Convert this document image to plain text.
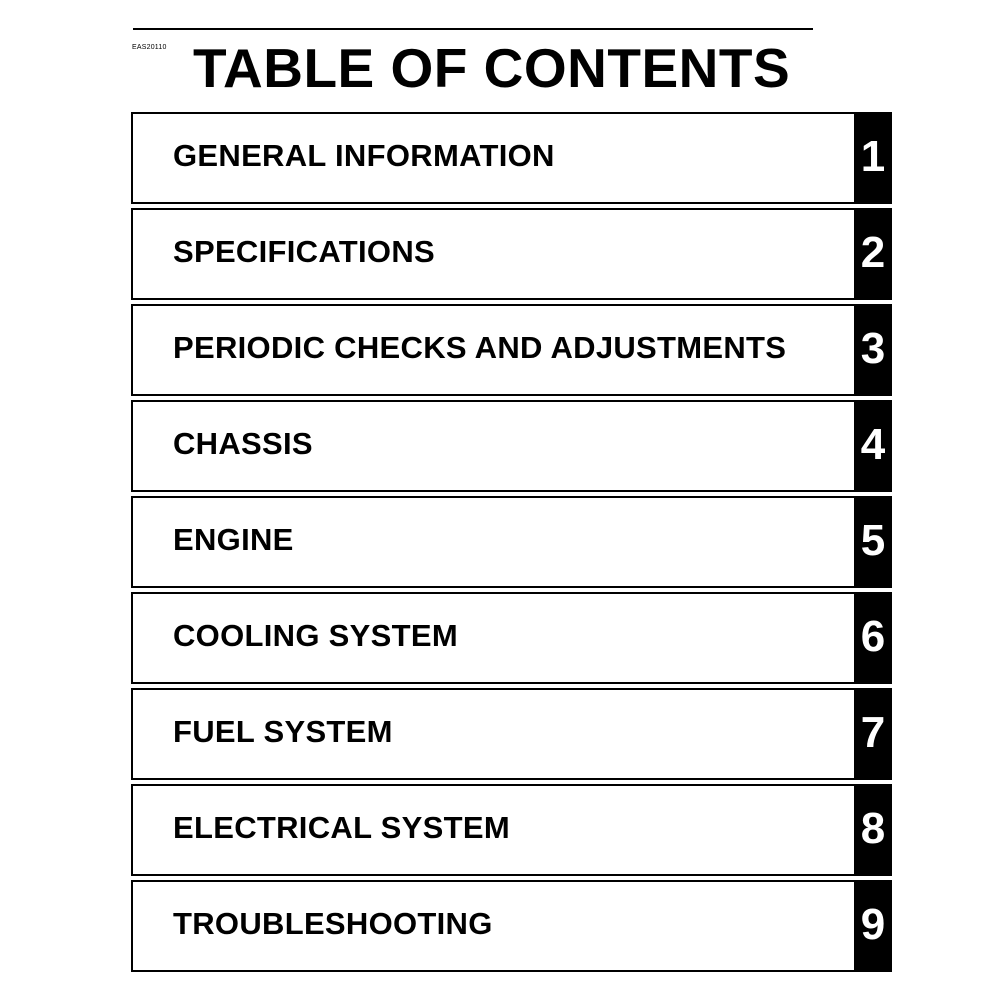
EAS20110 TABLE OF CONTENTS
GENERAL INFORMATION	1
SPECIFICATIONS	2
PERIODIC CHECKS AND ADJUSTMENTS 3
CHASSIS	4
ENGINE	5
COOLING SYSTEM	6
FUEL SYSTEM	7
ELECTRICAL SYSTEM	8
TROUBLESHOOTING	9
